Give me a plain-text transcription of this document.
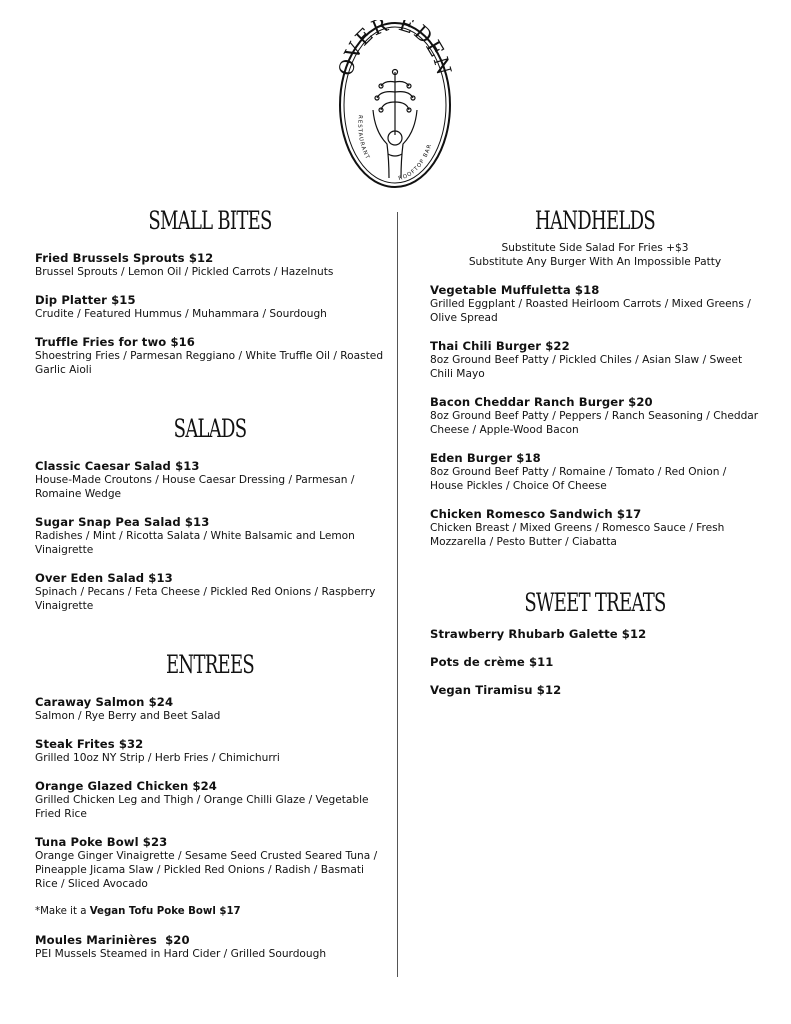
VER EDE
RESTAURANT
ROOFTOP BAR
SMALL BITES
Fried Brussels Sprouts $12
Brussel Sprouts / Lemon Oil / Pickled Carrots / Hazelnuts
Dip Platter $15
Crudite / Featured Hummus / Muhammara / Sourdough
Truffle Fries for two $16
Shoestring Fries / Parmesan Reggiano / White Truffle Oil / Roasted Garlic Aioli
SALADS
Classic Caesar Salad $13
House-Made Croutons / House Caesar Dressing / Parmesan / Romaine Wedge
Sugar Snap Pea Salad $13
Radishes / Mint / Ricotta Salata / White Balsamic and Lemon Vinaigrette
Over Eden Salad $13
Spinach / Pecans / Feta Cheese / Pickled Red Onions / Raspberry Vinaigrette
ENTREES
Caraway Salmon $24
Salmon / Rye Berry and Beet Salad
Steak Frites $32
Grilled 10oz NY Strip / Herb Fries / Chimichurri
Orange Glazed Chicken $24
Grilled Chicken Leg and Thigh / Orange Chilli Glaze / Vegetable Fried Rice
Tuna Poke Bowl $23
Orange Ginger Vinaigrette / Sesame Seed Crusted Seared Tuna / Pineapple Jicama Slaw / Pickled Red Onions / Radish / Basmati Rice / Sliced Avocado
*Make it a Vegan Tofu Poke Bowl $17
Moules Marinières  $20
PEI Mussels Steamed in Hard Cider / Grilled Sourdough
HANDHELDS
Substitute Side Salad For Fries +$3
Substitute Any Burger With An Impossible Patty
Vegetable Muffuletta $18
Grilled Eggplant / Roasted Heirloom Carrots / Mixed Greens / Olive Spread
Thai Chili Burger $22
8oz Ground Beef Patty / Pickled Chiles / Asian Slaw / Sweet Chili Mayo
Bacon Cheddar Ranch Burger $20
8oz Ground Beef Patty / Peppers / Ranch Seasoning / Cheddar Cheese / Apple-Wood Bacon
Eden Burger $18
8oz Ground Beef Patty / Romaine / Tomato / Red Onion / House Pickles / Choice Of Cheese
Chicken Romesco Sandwich $17
Chicken Breast / Mixed Greens / Romesco Sauce / Fresh Mozzarella / Pesto Butter / Ciabatta
SWEET TREATS
Strawberry Rhubarb Galette $12
Pots de crème $11
Vegan Tiramisu $12
